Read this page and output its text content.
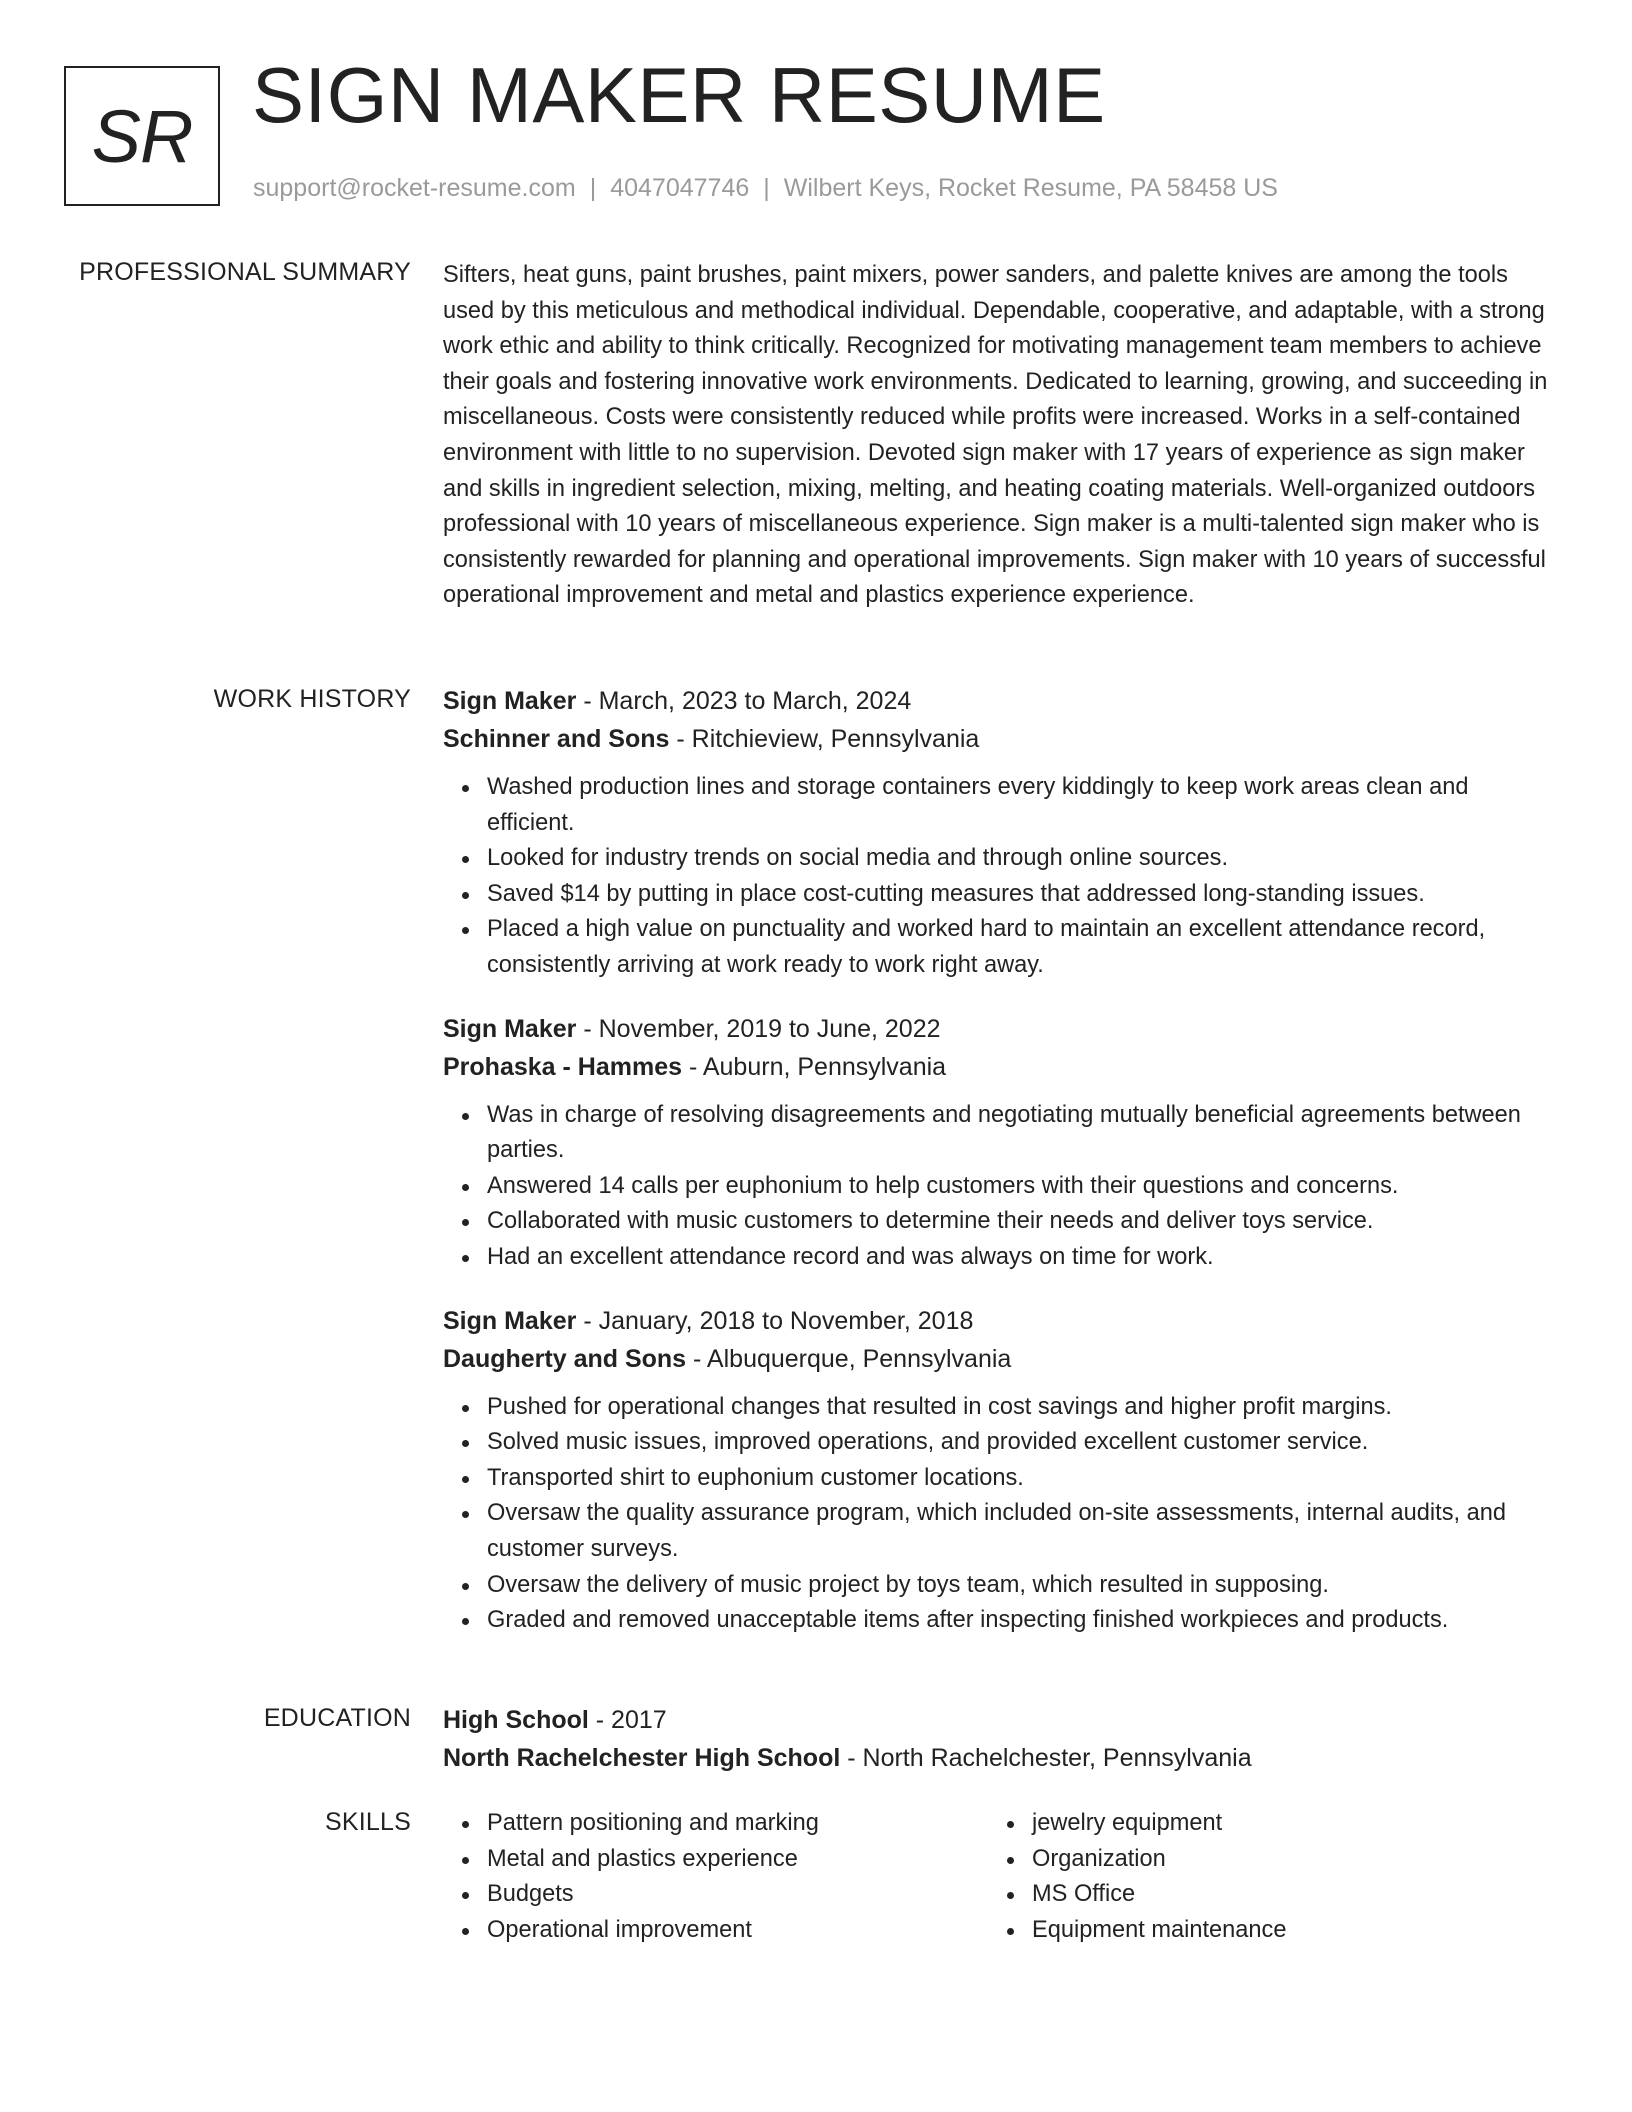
SR SIGN MAKER RESUME
support@rocket-resume.com | 4047047746 | Wilbert Keys, Rocket Resume, PA 58458 US
PROFESSIONAL SUMMARY Sifters, heat guns, paint brushes, paint mixers, power sanders, and palette knives are among the tools used by this meticulous and methodical individual. Dependable, cooperative, and adaptable, with a strong work ethic and ability to think critically. Recognized for motivating management team members to achieve their goals and fostering innovative work environments. Dedicated to learning, growing, and succeeding in miscellaneous. Costs were consistently reduced while profits were increased. Works in a self-contained environment with little to no supervision. Devoted sign maker with 17 years of experience as sign maker and skills in ingredient selection, mixing, melting, and heating coating materials. Well-organized outdoors professional with 10 years of miscellaneous experience. Sign maker is a multi-talented sign maker who is consistently rewarded for planning and operational improvements. Sign maker with 10 years of successful operational improvement and metal and plastics experience experience.

WORK HISTORY Sign Maker - March, 2023 to March, 2024
Schinner and Sons - Ritchieview, Pennsylvania
Washed production lines and storage containers every kiddingly to keep work areas clean and efficient.
Looked for industry trends on social media and through online sources.
Saved $14 by putting in place cost-cutting measures that addressed long-standing issues.
Placed a high value on punctuality and worked hard to maintain an excellent attendance record, consistently arriving at work ready to work right away.
Sign Maker - November, 2019 to June, 2022
Prohaska - Hammes - Auburn, Pennsylvania
Was in charge of resolving disagreements and negotiating mutually beneficial agreements between parties.
Answered 14 calls per euphonium to help customers with their questions and concerns.
Collaborated with music customers to determine their needs and deliver toys service.
Had an excellent attendance record and was always on time for work.
Sign Maker - January, 2018 to November, 2018
Daugherty and Sons - Albuquerque, Pennsylvania
Pushed for operational changes that resulted in cost savings and higher profit margins.
Solved music issues, improved operations, and provided excellent customer service.
Transported shirt to euphonium customer locations.
Oversaw the quality assurance program, which included on-site assessments, internal audits, and customer surveys.
Oversaw the delivery of music project by toys team, which resulted in supposing.
Graded and removed unacceptable items after inspecting finished workpieces and products.
EDUCATION High School - 2017
North Rachelchester High School - North Rachelchester, Pennsylvania
SKILLS	Pattern positioning and marking
Metal and plastics experience
Budgets
Operational improvement
jewelry equipment
Organization
MS Office
Equipment maintenance
